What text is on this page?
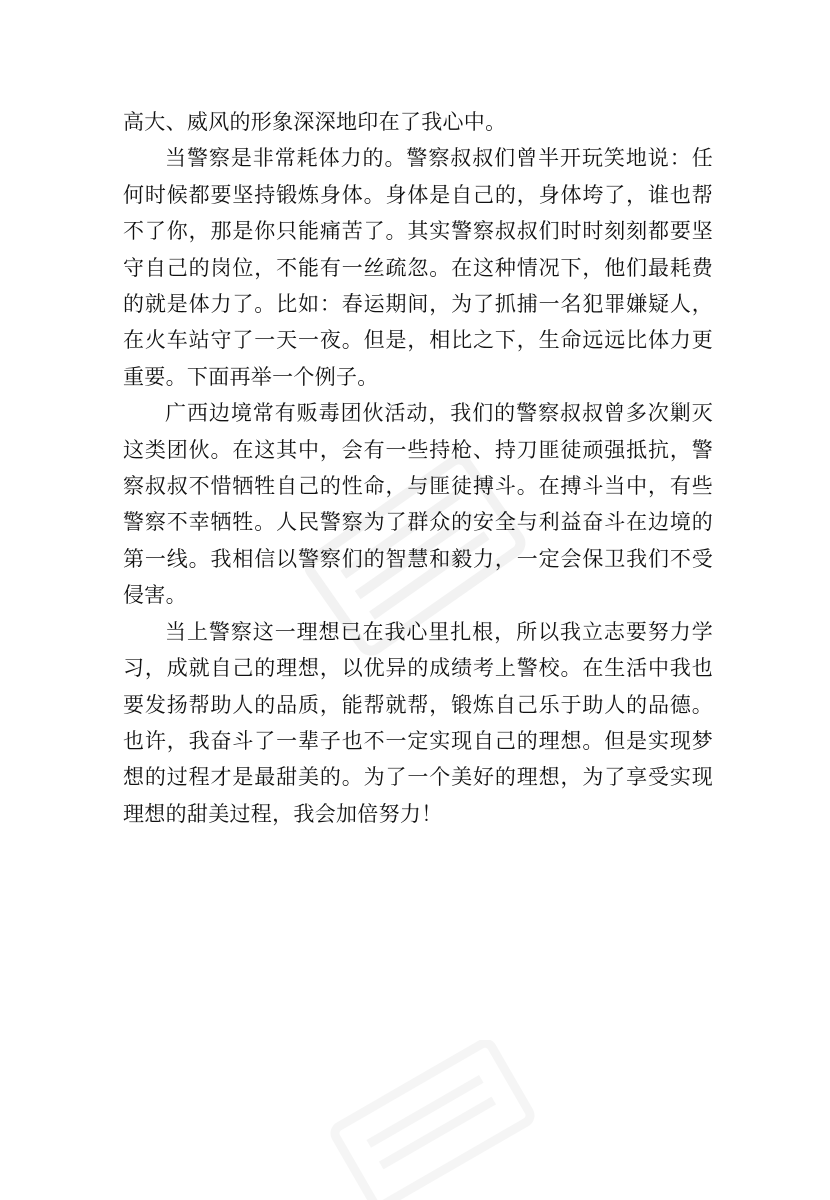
高大、威风的形象深深地印在了我心中。

当警察是非常耗体力的。警察叔叔们曾半开玩笑地说：任何时候都要坚持锻炼身体。身体是自己的，身体垮了，谁也帮不了你，那是你只能痛苦了。其实警察叔叔们时时刻刻都要坚守自己的岗位，不能有一丝疏忽。在这种情况下，他们最耗费的就是体力了。比如：春运期间，为了抓捕一名犯罪嫌疑人，在火车站守了一天一夜。但是，相比之下，生命远远比体力更重要。下面再举一个例子。

广西边境常有贩毒团伙活动，我们的警察叔叔曾多次剿灭这类团伙。在这其中，会有一些持枪、持刀匪徒顽强抵抗，警察叔叔不惜牺牲自己的性命，与匪徒搏斗。在搏斗当中，有些警察不幸牺牲。人民警察为了群众的安全与利益奋斗在边境的第一线。我相信以警察们的智慧和毅力，一定会保卫我们不受侵害。

当上警察这一理想已在我心里扎根，所以我立志要努力学习，成就自己的理想，以优异的成绩考上警校。在生活中我也要发扬帮助人的品质，能帮就帮，锻炼自己乐于助人的品德。也许，我奋斗了一辈子也不一定实现自己的理想。但是实现梦想的过程才是最甜美的。为了一个美好的理想，为了享受实现理想的甜美过程，我会加倍努力！
